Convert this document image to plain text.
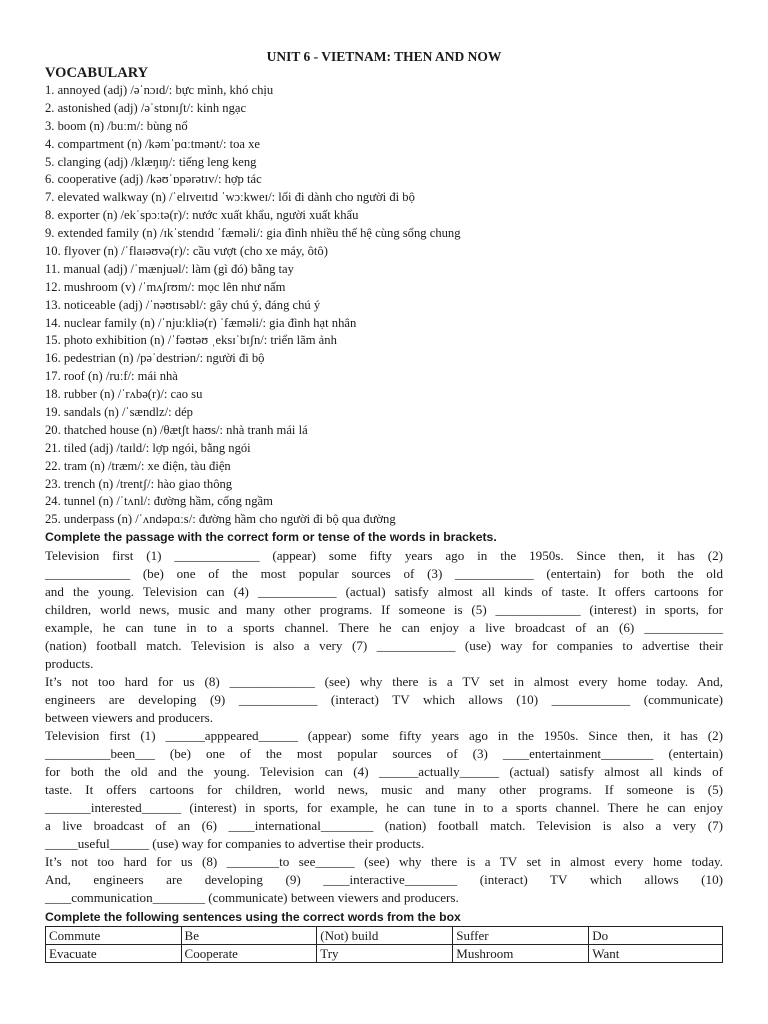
UNIT 6 - VIETNAM: THEN AND NOW
VOCABULARY
1. annoyed (adj) /əˈnɔɪd/: bực mình, khó chịu
2. astonished (adj) /əˈstɒnɪʃt/: kinh ngạc
3. boom (n) /buːm/: bùng nổ
4. compartment (n) /kəmˈpɑːtmənt/: toa xe
5. clanging (adj) /klæŋɪŋ/: tiếng leng keng
6. cooperative (adj) /kəʊˈɒpərətɪv/: hợp tác
7. elevated walkway (n) /ˈelɪveɪtɪd ˈwɔːkweɪ/: lối đi dành cho người đi bộ
8. exporter (n) /ekˈspɔːtə(r)/: nước xuất khẩu, người xuất khẩu
9. extended family (n) /ɪkˈstendɪd ˈfæməli/: gia đình nhiều thế hệ cùng sống chung
10. flyover (n) /ˈflaɪəʊvə(r)/: cầu vượt (cho xe máy, ôtô)
11. manual (adj) /ˈmænjuəl/: làm (gì đó) bằng tay
12. mushroom (v) /ˈmʌʃrʊm/: mọc lên như nấm
13. noticeable (adj) /ˈnəʊtɪsəbl/: gây chú ý, đáng chú ý
14. nuclear family (n) /ˈnjuːkliə(r) ˈfæməli/: gia đình hạt nhân
15. photo exhibition (n) /ˈfəʊtəʊ ˌeksɪˈbɪʃn/: triển lãm ảnh
16. pedestrian (n) /pəˈdestriən/: người đi bộ
17. roof (n) /ruːf/: mái nhà
18. rubber (n) /ˈrʌbə(r)/: cao su
19. sandals (n) /ˈsændlz/: dép
20. thatched house (n) /θætʃt haʊs/: nhà tranh mái lá
21. tiled (adj) /taɪld/: lợp ngói, bằng ngói
22. tram (n) /træm/: xe điện, tàu điện
23. trench (n) /trentʃ/: hào giao thông
24. tunnel (n) /ˈtʌnl/: đường hầm, cống ngầm
25. underpass (n) /ˈʌndəpɑːs/: đường hầm cho người đi bộ qua đường
Complete the passage with the correct form or tense of the words in brackets.
Television first (1) _____________ (appear) some fifty years ago in the 1950s. Since then, it has (2)
_____________ (be) one of the most popular sources of (3) ____________ (entertain) for both the old
and the young. Television can (4) ____________ (actual) satisfy almost all kinds of taste. It offers cartoons for
children, world news, music and many other programs. If someone is (5) _____________ (interest) in sports, for
example, he can tune in to a sports channel. There he can enjoy a live broadcast of an (6) ____________
(nation) football match. Television is also a very (7) ____________ (use) way for companies to advertise their
products.
It’s not too hard for us (8) _____________ (see) why there is a TV set in almost every home today. And,
engineers are developing (9) ____________ (interact) TV which allows (10) ____________ (communicate)
between viewers and producers.
Television first (1) ______apppeared______ (appear) some fifty years ago in the 1950s. Since then, it has (2)
__________been___ (be) one of the most popular sources of (3) ____entertainment________ (entertain)
for both the old and the young. Television can (4) ______actually______ (actual) satisfy almost all kinds of
taste. It offers cartoons for children, world news, music and many other programs. If someone is (5)
_______interested______ (interest) in sports, for example, he can tune in to a sports channel. There he can enjoy
a live broadcast of an (6) ____international________ (nation) football match. Television is also a very (7)
_____useful______ (use) way for companies to advertise their products.
It’s not too hard for us (8) ________to see______ (see) why there is a TV set in almost every home today.
And, engineers are developing (9) ____interactive________ (interact) TV which allows (10)
____communication________ (communicate) between viewers and producers.
Complete the following sentences using the correct words from the box
Commute	Be	(Not) build	Suffer	Do
Evacuate	Cooperate	Try	Mushroom	Want
